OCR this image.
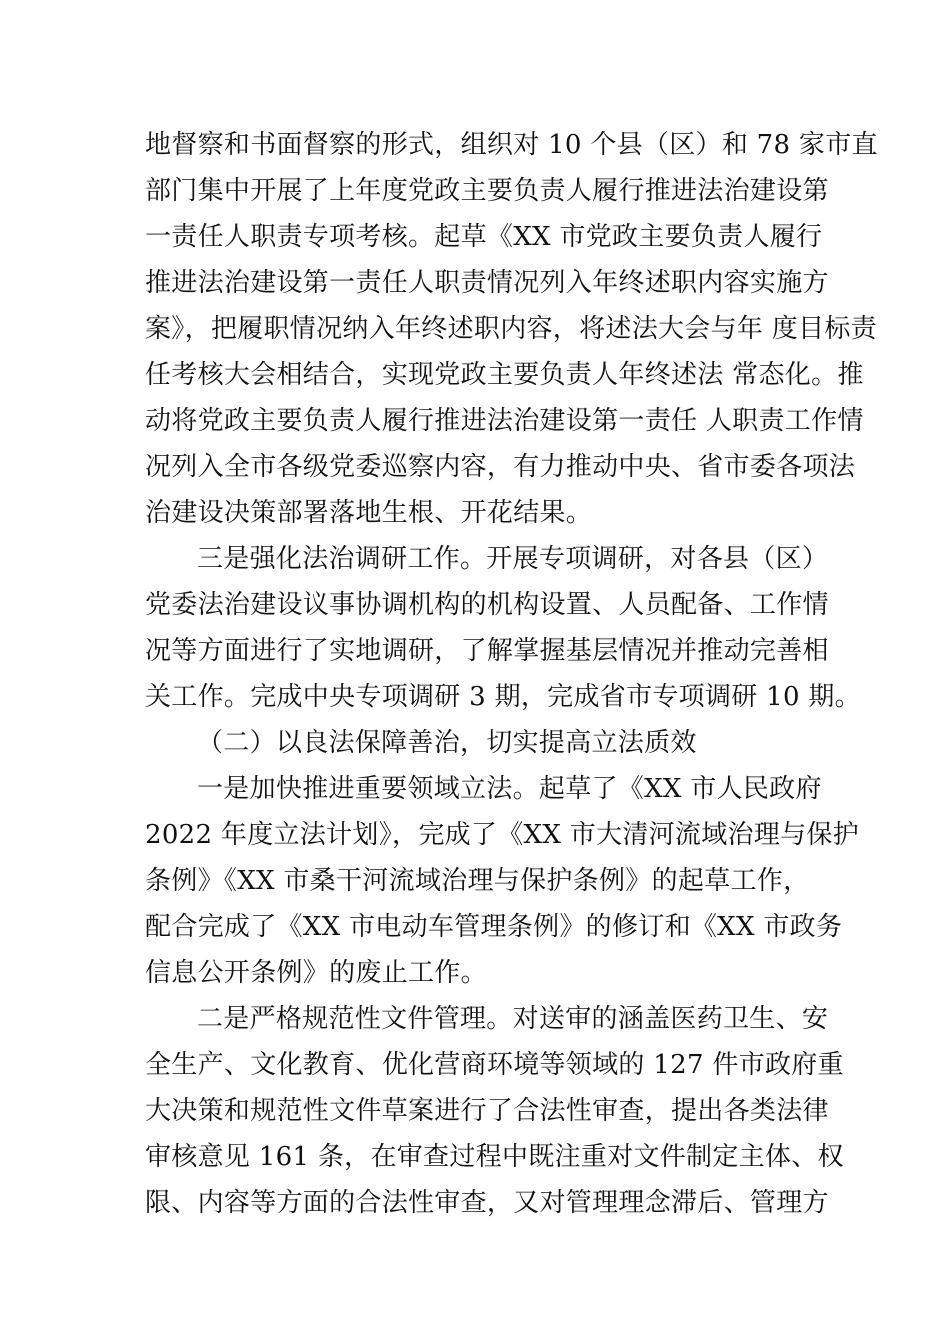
地督察和书面督察的形式，组织对 10 个县（区）和 78 家市直
部门集中开展了上年度党政主要负责人履行推进法治建设第
一责任人职责专项考核。起草《XX 市党政主要负责人履行
推进法治建设第一责任人职责情况列入年终述职内容实施方
案》，把履职情况纳入年终述职内容，将述法大会与年 度目标责
任考核大会相结合，实现党政主要负责人年终述法 常态化。推
动将党政主要负责人履行推进法治建设第一责任 人职责工作情
况列入全市各级党委巡察内容，有力推动中央、省市委各项法
治建设决策部署落地生根、开花结果。
三是强化法治调研工作。开展专项调研，对各县（区）
党委法治建设议事协调机构的机构设置、人员配备、工作情
况等方面进行了实地调研，了解掌握基层情况并推动完善相
关工作。完成中央专项调研 3 期，完成省市专项调研 10 期。
（二）以良法保障善治，切实提高立法质效
一是加快推进重要领域立法。起草了《XX 市人民政府
2022 年度立法计划》，完成了《XX 市大清河流域治理与保护
条例》《XX 市桑干河流域治理与保护条例》的起草工作，
配合完成了《XX 市电动车管理条例》的修订和《XX 市政务
信息公开条例》的废止工作。
二是严格规范性文件管理。对送审的涵盖医药卫生、安
全生产、文化教育、优化营商环境等领域的 127 件市政府重
大决策和规范性文件草案进行了合法性审查，提出各类法律
审核意见 161 条，在审查过程中既注重对文件制定主体、权
限、内容等方面的合法性审查，又对管理理念滞后、管理方
